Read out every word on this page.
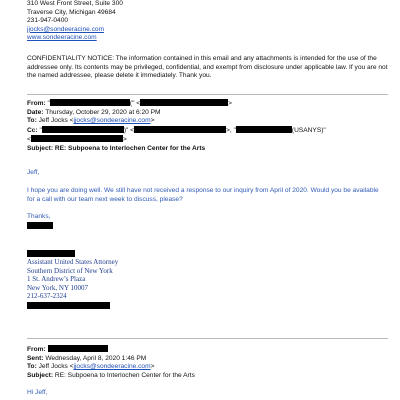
310 West Front Street, Suite 300
Traverse City, Michigan 49684
231-947-0400
jjocks@sondeeracine.com
www.sondeeracine.com
CONFIDENTIALITY NOTICE: The information contained in this email and any attachments is intended for the use of the addressee only. Its contents may be privileged, confidential, and exempt from disclosure under applicable law. If you are not the named addressee, please delete it immediately. Thank you.
From: "	(" <	>
Date: Thursday, October 29, 2020 at 6:20 PM
To: Jeff Jocks <jjocks@sondeeracine.com>
Cc: "	)" <	>, "	(USANYS)"
<	>
Subject: RE: Subpoena to Interlochen Center for the Arts
Jeff,
I hope you are doing well. We still have not received a response to our inquiry from April of 2020. Would you be available for a call with our team next week to discuss, please?
Thanks,
Assistant United States Attorney
Southern District of New York
1 St. Andrew’s Plaza
New York, NY 10007
212-637-2324
From:
Sent: Wednesday, April 8, 2020 1:46 PM
To: Jeff Jocks <jjocks@sondeeracine.com>
Subject: RE: Subpoena to Interlochen Center for the Arts
Hi Jeff,
